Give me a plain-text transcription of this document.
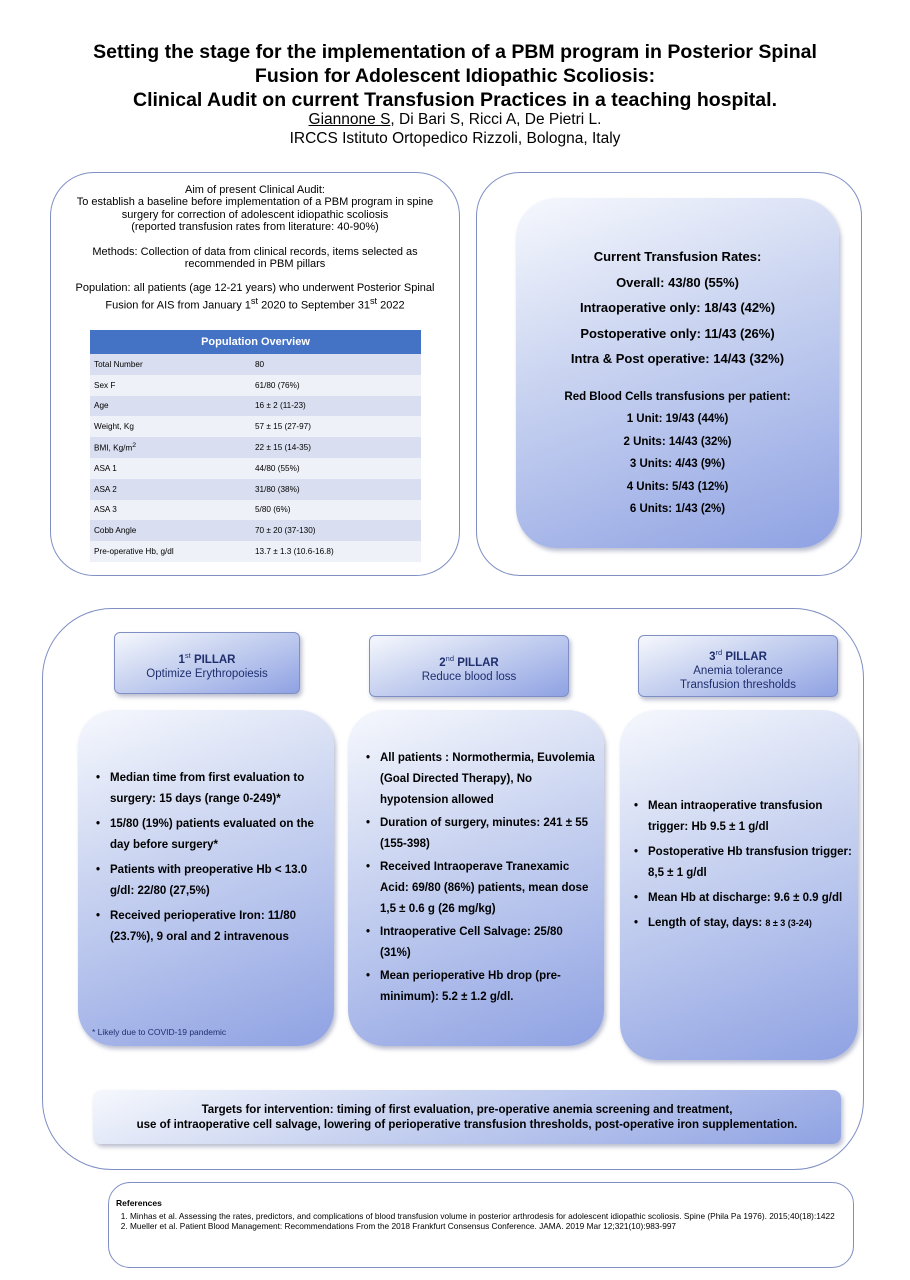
Setting the stage for the implementation of a PBM program in Posterior Spinal
Fusion for Adolescent Idiopathic Scoliosis:
Clinical Audit on current Transfusion Practices in a teaching hospital.
Giannone S, Di Bari S, Ricci A, De Pietri L.
IRCCS Istituto Ortopedico Rizzoli, Bologna, Italy

Aim of present Clinical Audit:
To establish a baseline before implementation of a PBM program in spine surgery for correction of adolescent idiopathic scoliosis
(reported transfusion rates from literature: 40-90%)

Methods: Collection of data from clinical records, items selected as recommended in PBM pillars

Population: all patients (age 12-21 years) who underwent Posterior Spinal Fusion for AIS from January 1st 2020 to September 31st 2022

Population Overview	
Total Number	80
Sex F	61/80 (76%)
Age	16 ± 2 (11-23)
Weight, Kg	57 ± 15 (27-97)
BMI, $Kg/m^2$	22 ± 15 (14-35)
ASA 1	44/80 (55%)
ASA 2	31/80 (38%)
ASA 3	5/80 (6%)
Cobb Angle	70 ± 20 (37-130)
Pre-operative Hb, g/dl	13.7 ± 1.3 (10.6-16.8)
Current Transfusion Rates:
Overall: 43/80 (55%)
Intraoperative only: 18/43 (42%)
Postoperative only: 11/43 (26%)
Intra & Post operative: 14/43 (32%)
Red Blood Cells transfusions per patient:
1 Unit: 19/43 (44%)
2 Units: 14/43 (32%)
3 Units: 4/43 (9%)
4 Units: 5/43 (12%)
6 Units: 1/43 (2%)
1st PILLAR
Optimize Erythropoiesis
2nd PILLAR
Reduce blood loss
3rd PILLAR
Anemia tolerance
Transfusion thresholds
• Median time from first evaluation to surgery: 15 days (range 0-249)*
• 15/80 (19%) patients evaluated on the day before surgery*
• Patients with preoperative Hb < 13.0 g/dl: 22/80 (27,5%)
• Received perioperative Iron: 11/80 (23.7%), 9 oral and 2 intravenous
* Likely due to COVID-19 pandemic
• All patients : Normothermia, Euvolemia (Goal Directed Therapy), No hypotension allowed
• Duration of surgery, minutes: 241 ± 55 (155-398)
• Received Intraoperave Tranexamic Acid: 69/80 (86%) patients, mean dose 1,5 ± 0.6 g (26 mg/kg)
• Intraoperative Cell Salvage: 25/80 (31%)
• Mean perioperative Hb drop (pre-minimum): 5.2 ± 1.2 g/dl.
• Mean intraoperative transfusion trigger: Hb 9.5 ± 1 g/dl
• Postoperative Hb transfusion trigger: 8,5 ± 1 g/dl
• Mean Hb at discharge: 9.6 ± 0.9 g/dl
• Length of stay, days: 8 ± 3 (3-24)
Targets for intervention: timing of first evaluation, pre-operative anemia screening and treatment,
use of intraoperative cell salvage, lowering of perioperative transfusion thresholds, post-operative iron supplementation.
References
1. Minhas et al. Assessing the rates, predictors, and complications of blood transfusion volume in posterior arthrodesis for adolescent idiopathic scoliosis. Spine (Phila Pa 1976). 2015;40(18):1422
2. Mueller et al. Patient Blood Management: Recommendations From the 2018 Frankfurt Consensus Conference. JAMA. 2019 Mar 12;321(10):983-997
